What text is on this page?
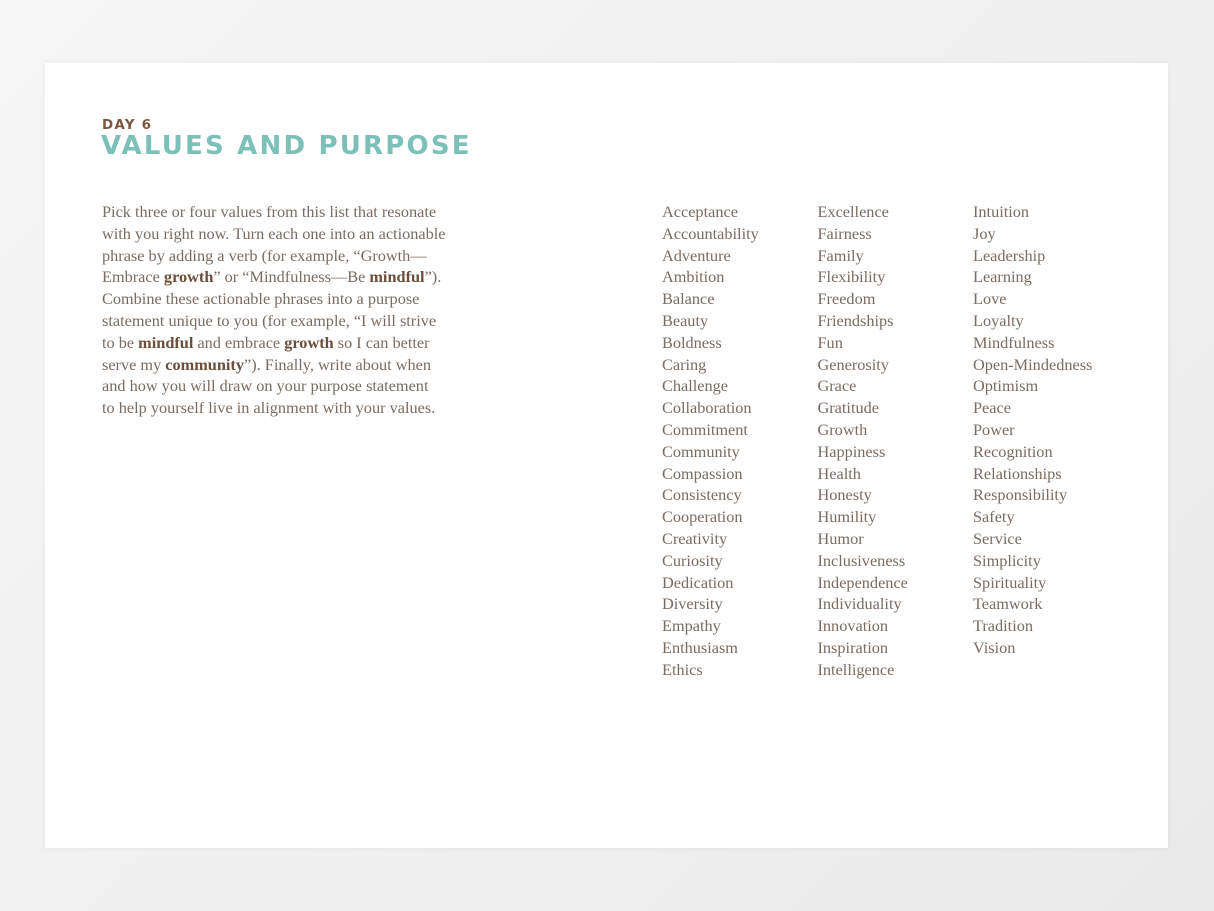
DAY 6
VALUES AND PURPOSE

Pick three or four values from this list that resonate
with you right now. Turn each one into an actionable
phrase by adding a verb (for example, “Growth—
Embrace growth” or “Mindfulness—Be mindful”).
Combine these actionable phrases into a purpose
statement unique to you (for example, “I will strive
to be mindful and embrace growth so I can better
serve my community”). Finally, write about when
and how you will draw on your purpose statement
to help yourself live in alignment with your values.

Acceptance
Accountability
Adventure
Ambition
Balance
Beauty
Boldness
Caring
Challenge
Collaboration
Commitment
Community
Compassion
Consistency
Cooperation
Creativity
Curiosity
Dedication
Diversity
Empathy
Enthusiasm
Ethics
Excellence
Fairness
Family
Flexibility
Freedom
Friendships
Fun
Generosity
Grace
Gratitude
Growth
Happiness
Health
Honesty
Humility
Humor
Inclusiveness
Independence
Individuality
Innovation
Inspiration
Intelligence
Intuition
Joy
Leadership
Learning
Love
Loyalty
Mindfulness
Open-Mindedness
Optimism
Peace
Power
Recognition
Relationships
Responsibility
Safety
Service
Simplicity
Spirituality
Teamwork
Tradition
Vision
